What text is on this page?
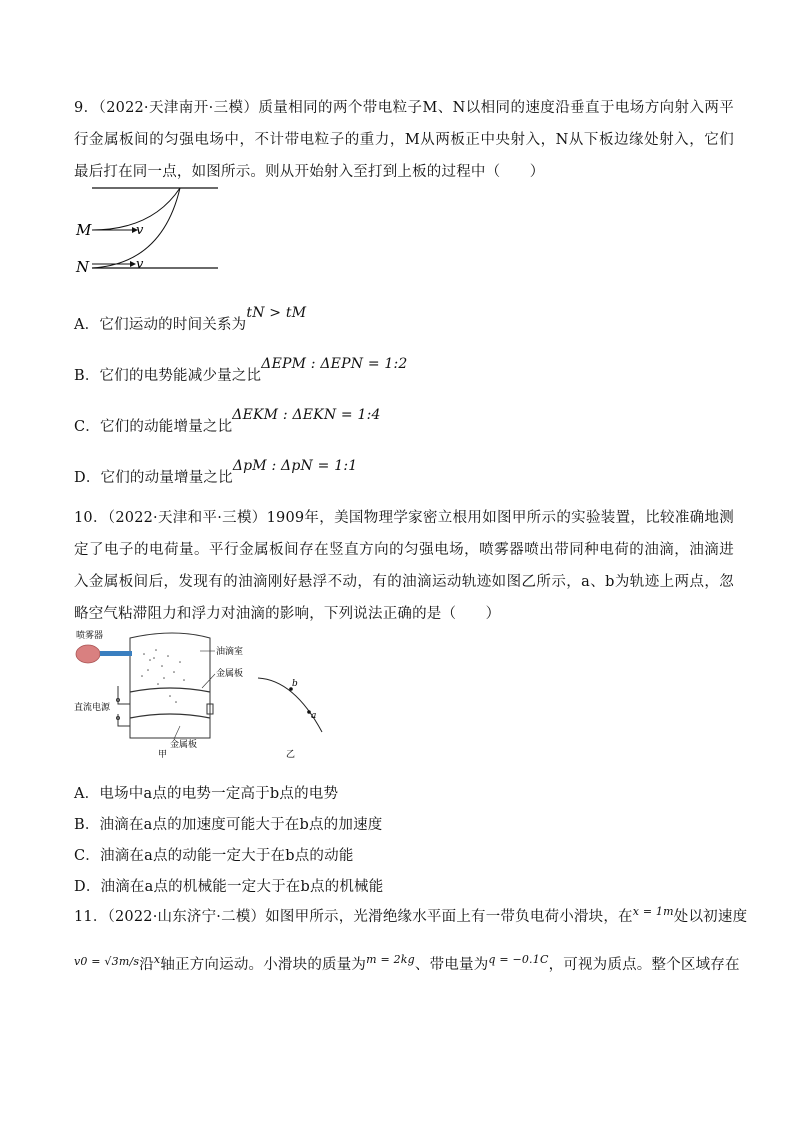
9．（2022·天津南开·三模）质量相同的两个带电粒子M、N以相同的速度沿垂直于电场方向射入两平行金属板间的匀强电场中，不计带电粒子的重力，M从两板正中央射入，N从下板边缘处射入，它们最后打在同一点，如图所示。则从开始射入至打到上板的过程中（　　）
M
N
v
v
A．它们运动的时间关系为tN > tM
B．它们的电势能减少量之比ΔEPM : ΔEPN = 1:2
C．它们的动能增量之比ΔEKM : ΔEKN = 1:4
D．它们的动量增量之比ΔpM : ΔpN = 1:1
10．（2022·天津和平·三模）1909年，美国物理学家密立根用如图甲所示的实验装置，比较准确地测定了电子的电荷量。平行金属板间存在竖直方向的匀强电场，喷雾器喷出带同种电荷的油滴，油滴进入金属板间后，发现有的油滴刚好悬浮不动，有的油滴运动轨迹如图乙所示，a、b为轨迹上两点，忽略空气粘滞阻力和浮力对油滴的影响，下列说法正确的是（　　）
喷雾器
油滴室
金属板
直流电源
金属板
甲
b
a
乙
A．电场中a点的电势一定高于b点的电势
B．油滴在a点的加速度可能大于在b点的加速度
C．油滴在a点的动能一定大于在b点的动能
D．油滴在a点的机械能一定大于在b点的机械能
11．（2022·山东济宁·二模）如图甲所示，光滑绝缘水平面上有一带负电荷小滑块，在$^{x = 1m}$处以初速度
$^{v0 = √3m/s}$沿$^x$轴正方向运动。小滑块的质量为$^{m = 2kg}$、带电量为$^{q = -0.1C}$，可视为质点。整个区域存在
